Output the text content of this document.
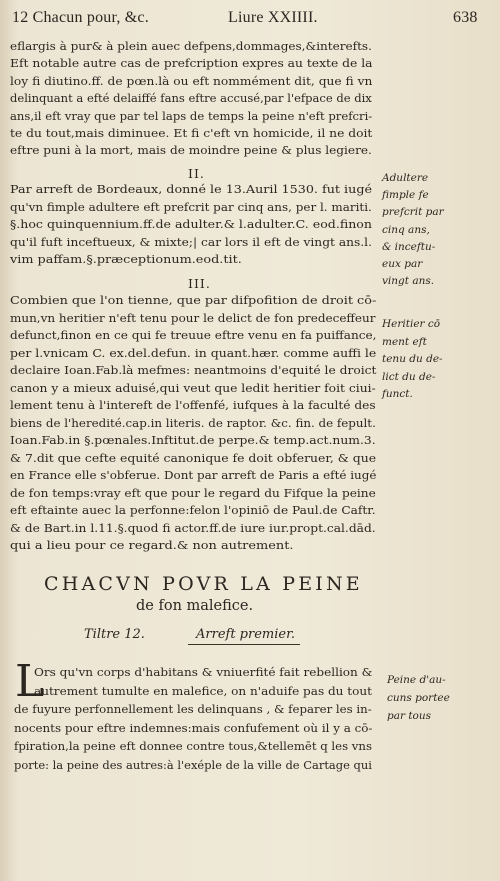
12 Chacun pour, &c.	Liure XXIIII.	638
eflargis à pur& à plein auec defpens,dommages,&interefts.
Eft notable autre cas de prefcription expres au texte de la
loy fi diutino.ff. de pœn.là ou eft nommément dit, que fi vn
delinquant a efté delaiffé fans eftre accusé,par l'efpace de dix
ans,il eft vray que par tel laps de temps la peine n'eft prefcri-
te du tout,mais diminuee. Et fi c'eft vn homicide, il ne doit
eftre puni à la mort, mais de moindre peine & plus legiere.
II.
Par arreft de Bordeaux, donné le 13.Auril 1530. fut iugé
qu'vn fimple adultere eft prefcrit par cinq ans, per l. mariti.
§.hoc quinquennium.ff.de adulter.& l.adulter.C. eod.finon
qu'il fuft inceftueux, & mixte;| car lors il eft de vingt ans.l.
vim paffam.§.præceptionum.eod.tit.
III.
Combien que l'on tienne, que par difpofition de droit cō-
mun,vn heritier n'eft tenu pour le delict de fon predeceffeur
defunct,finon en ce qui fe treuue eftre venu en fa puiffance,
per l.vnicam C. ex.del.defun. in quant.hær. comme auffi le
declaire Ioan.Fab.là mefmes: neantmoins d'equité le droict
canon y a mieux aduisé,qui veut que ledit heritier foit ciui-
lement tenu à l'intereft de l'offenfé, iufques à la faculté des
biens de l'heredité.cap.in literis. de raptor. &c. fin. de fepult.
Ioan.Fab.in §.pœnales.Inftitut.de perpe.& temp.act.num.3.
& 7.dit que cefte equité canonique fe doit obferuer, & que
en France elle s'obferue. Dont par arreft de Paris a efté iugé
de fon temps:vray eft que pour le regard du Fifque la peine
eft eftainte auec la perfonne:felon l'opiniō de Paul.de Caftr.
& de Bart.in l.11.§.quod fi actor.ff.de iure iur.propt.cal.dād.
qui a lieu pour ce regard.& non autrement.
Adultere
fimple fe
prefcrit par
cinq ans,
& inceftu-
eux par
vingt ans.
Heritier cō
ment eft
tenu du de-
lict du de-
funct.
CHACVN POVR LA PEINE
de fon malefice.
Tiltre 12.	Arreft premier.
L
Ors qu'vn corps d'habitans & vniuerfité fait rebellion &
autrement tumulte en malefice, on n'aduife pas du tout
de fuyure perfonnellement les delinquans , & feparer les in-
nocents pour eftre indemnes:mais confufement où il y a cō-
fpiration,la peine eft donnee contre tous,&tellemēt q les vns
porte: la peine des autres:à l'exéple de la ville de Cartage qui
Peine d'au-
cuns portee
par tous
